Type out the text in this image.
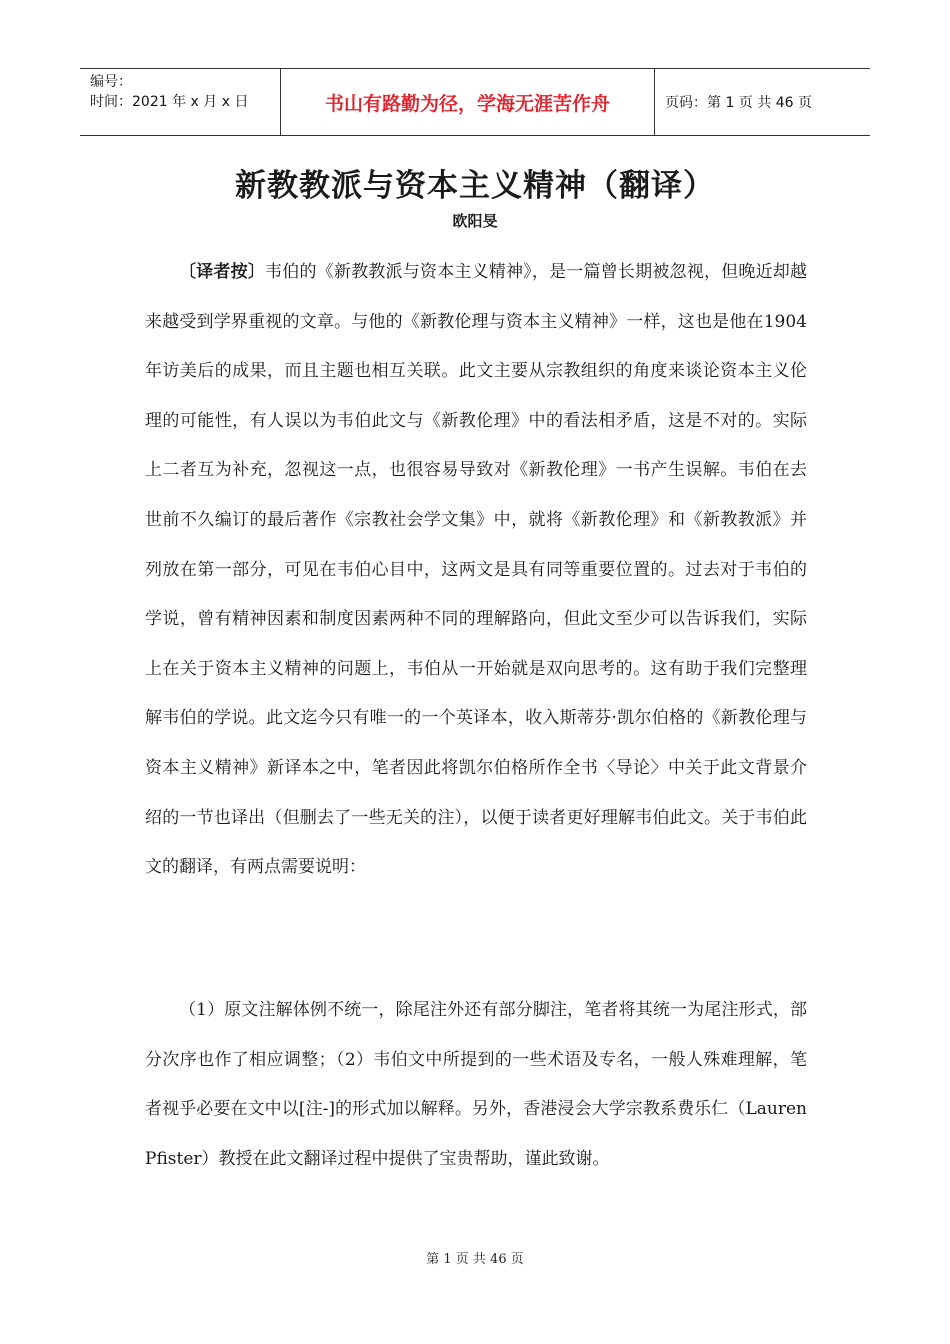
编号：
时间：2021 年 x 月 x 日	书山有路勤为径，学海无涯苦作舟	页码：第 1 页 共 46 页
新教教派与资本主义精神（翻译）
欧阳旻
〔译者按〕韦伯的《新教教派与资本主义精神》，是一篇曾长期被忽视，但晚近却越来越受到学界重视的文章。与他的《新教伦理与资本主义精神》一样，这也是他在1904年访美后的成果，而且主题也相互关联。此文主要从宗教组织的角度来谈论资本主义伦理的可能性，有人误以为韦伯此文与《新教伦理》中的看法相矛盾，这是不对的。实际上二者互为补充，忽视这一点，也很容易导致对《新教伦理》一书产生误解。韦伯在去世前不久编订的最后著作《宗教社会学文集》中，就将《新教伦理》和《新教教派》并列放在第一部分，可见在韦伯心目中，这两文是具有同等重要位置的。过去对于韦伯的学说，曾有精神因素和制度因素两种不同的理解路向，但此文至少可以告诉我们，实际上在关于资本主义精神的问题上，韦伯从一开始就是双向思考的。这有助于我们完整理解韦伯的学说。此文迄今只有唯一的一个英译本，收入斯蒂芬·凯尔伯格的《新教伦理与资本主义精神》新译本之中，笔者因此将凯尔伯格所作全书〈导论〉中关于此文背景介绍的一节也译出（但删去了一些无关的注），以便于读者更好理解韦伯此文。关于韦伯此文的翻译，有两点需要说明：
（1）原文注解体例不统一，除尾注外还有部分脚注，笔者将其统一为尾注形式，部分次序也作了相应调整；（2）韦伯文中所提到的一些术语及专名，一般人殊难理解，笔者视乎必要在文中以[注-]的形式加以解释。另外，香港浸会大学宗教系费乐仁（Lauren Pfister）教授在此文翻译过程中提供了宝贵帮助，谨此致谢。
第 1 页 共 46 页
